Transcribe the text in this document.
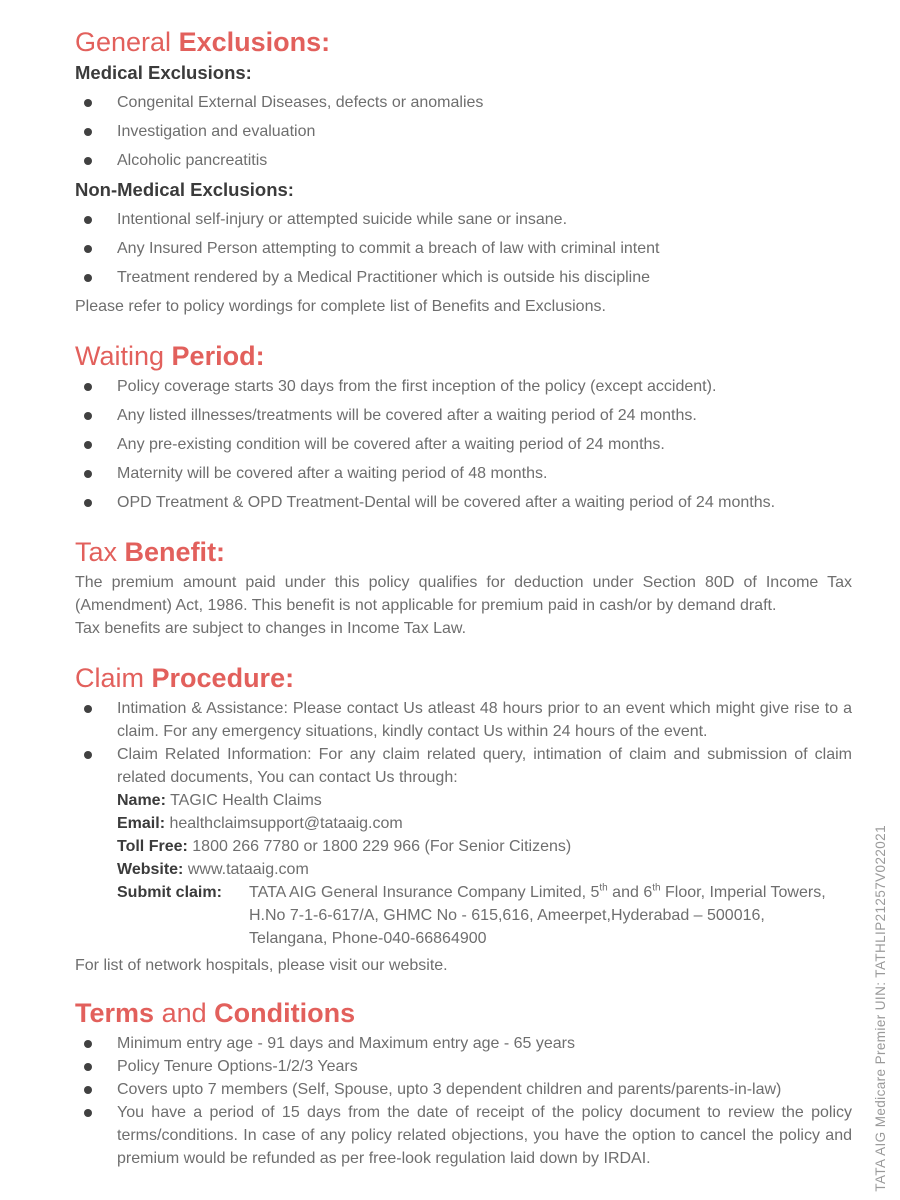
General Exclusions:
Medical Exclusions:
Congenital External Diseases, defects or anomalies
Investigation and evaluation
Alcoholic pancreatitis
Non-Medical Exclusions:
Intentional self-injury or attempted suicide while sane or insane.
Any Insured Person attempting to commit a breach of law with criminal intent
Treatment rendered by a Medical Practitioner which is outside his discipline

Please refer to policy wordings for complete list of Benefits and Exclusions.

Waiting Period:
Policy coverage starts 30 days from the first inception of the policy (except accident).
Any listed illnesses/treatments will be covered after a waiting period of 24 months.
Any pre-existing condition will be covered after a waiting period of 24 months.
Maternity will be covered after a waiting period of 48 months.
OPD Treatment & OPD Treatment-Dental will be covered after a waiting period of 24 months.
Tax Benefit:

The premium amount paid under this policy qualifies for deduction under Section 80D of Income Tax (Amendment) Act, 1986. This benefit is not applicable for premium paid in cash/or by demand draft.

Tax benefits are subject to changes in Income Tax Law.

Claim Procedure:
Intimation & Assistance: Please contact Us atleast 48 hours prior to an event which might give rise to a claim. For any emergency situations, kindly contact Us within 24 hours of the event.
Claim Related Information: For any claim related query, intimation of claim and submission of claim related documents, You can contact Us through:
Name: TAGIC Health Claims
Email: healthclaimsupport@tataaig.com
Toll Free: 1800 266 7780 or 1800 229 966 (For Senior Citizens)
Website: www.tataaig.com
Submit claim:	TATA AIG General Insurance Company Limited, 5th and 6th Floor, Imperial Towers, H.No 7-1-6-617/A, GHMC No - 615,616, Ameerpet,Hyderabad – 500016, Telangana, Phone-040-66864900

For list of network hospitals, please visit our website.

Terms and Conditions
Minimum entry age - 91 days and Maximum entry age - 65 years
Policy Tenure Options-1/2/3 Years
Covers upto 7 members (Self, Spouse, upto 3 dependent children and parents/parents-in-law)
You have a period of 15 days from the date of receipt of the policy document to review the policy terms/conditions. In case of any policy related objections, you have the option to cancel the policy and premium would be refunded as per free-look regulation laid down by IRDAI.	TATA AIG Medicare Premier UIN: TATHLIP21257V022021
